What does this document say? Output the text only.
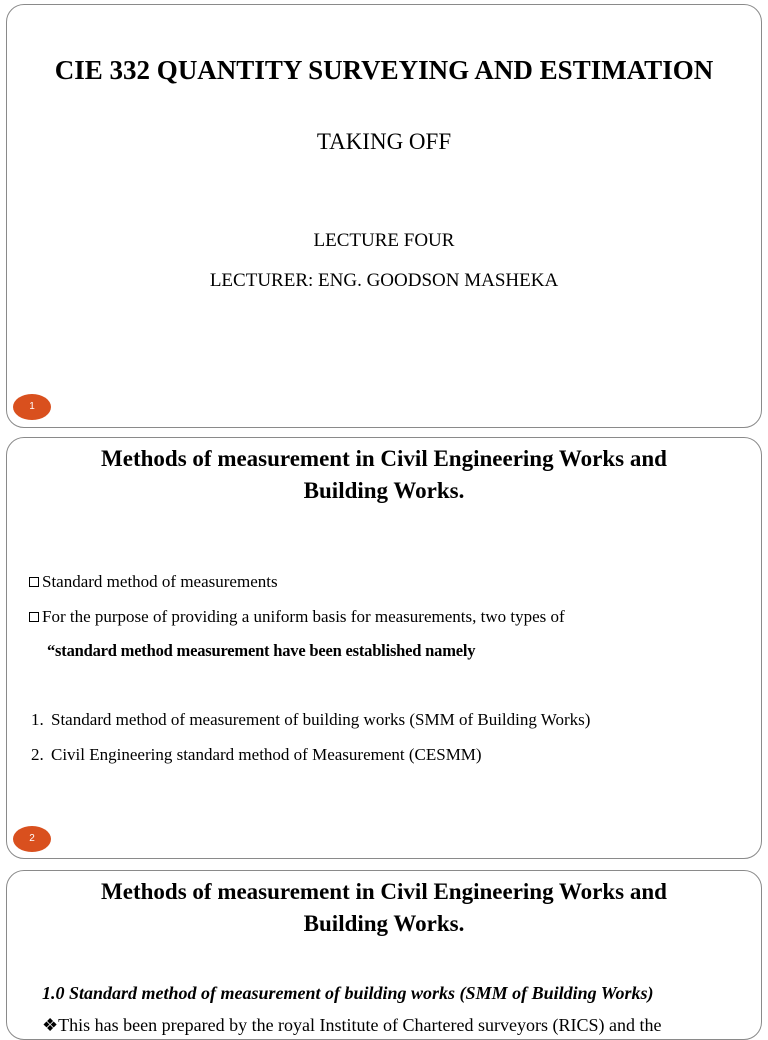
CIE 332 QUANTITY SURVEYING AND ESTIMATION
TAKING OFF
LECTURE FOUR
LECTURER: ENG. GOODSON MASHEKA
1
Methods of measurement in Civil Engineering Works and
Building Works.
Standard method of measurements
For the purpose of providing a uniform basis for measurements, two types of
“standard method measurement have been established namely
1. Standard method of measurement of building works (SMM of Building Works)
2. Civil Engineering standard method of Measurement (CESMM)
2
Methods of measurement in Civil Engineering Works and
Building Works.
1.0 Standard method of measurement of building works (SMM of Building Works)
❖This has been prepared by the royal Institute of Chartered surveyors (RICS) and the
